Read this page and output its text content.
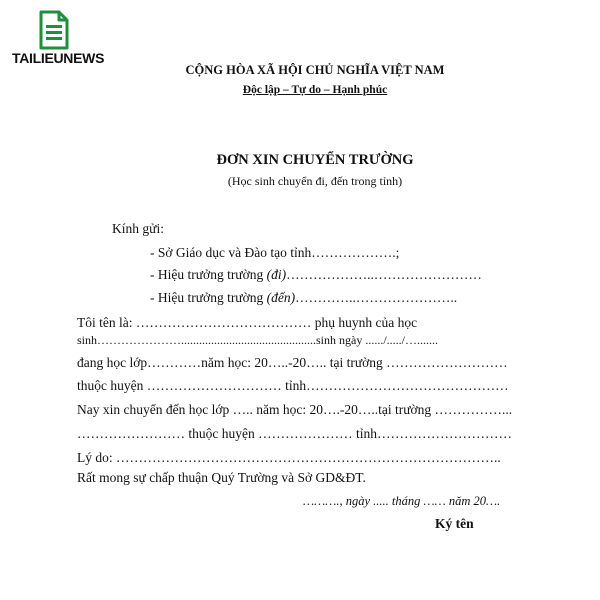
TAILIEUNEWS
CỘNG HÒA XÃ HỘI CHỦ NGHĨA VIỆT NAM
Độc lập – Tự do – Hạnh phúc
ĐƠN XIN CHUYỂN TRƯỜNG
(Học sinh chuyển đi, đến trong tỉnh)
Kính gửi:
- Sở Giáo dục và Đào tạo tỉnh……………….;
- Hiệu trưởng trường (đi)………………..……………………
- Hiệu trưởng trường (đến)…………..…………………..
Tôi tên là: ………………………………… phụ huynh của học
sinh………………….............................................sinh ngày ....../...../….......
đang học lớp…………năm học: 20…..-20….. tại trường ………………………
thuộc huyện ………………………… tỉnh………………………………………
Nay xin chuyển đến học lớp ….. năm học: 20….-20…..tại trường ……………...
…………………… thuộc huyện ………………… tỉnh…………………………
Lý do: …………………………………………………………………………..
Rất mong sự chấp thuận Quý Trường và Sở GD&ĐT.
………., ngày ..... tháng …… năm 20….
Ký tên
